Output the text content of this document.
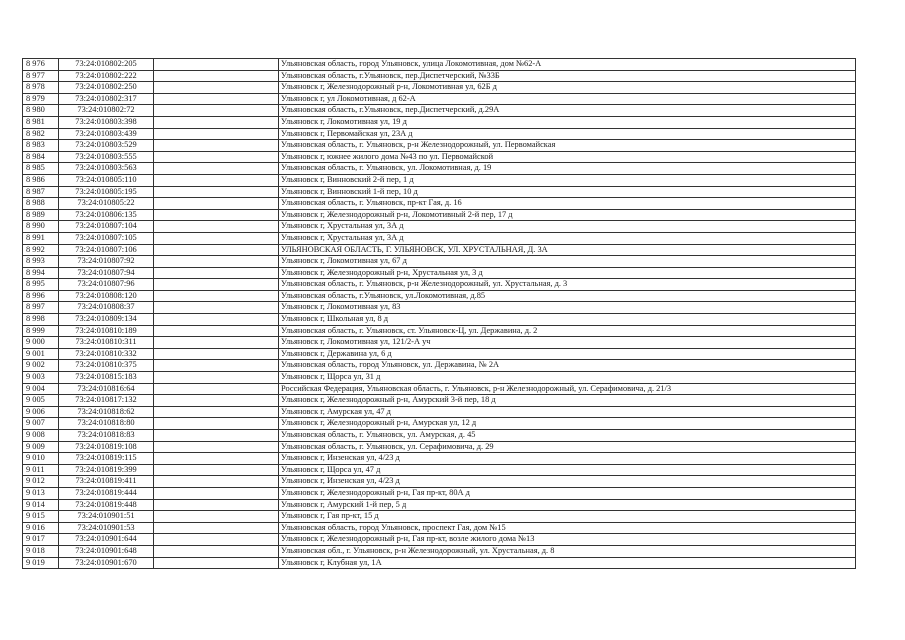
8 976	73:24:010802:205		Ульяновская область, город Ульяновск, улица Локомотивная, дом №62-А
8 977	73:24:010802:222		Ульяновская область, г.Ульяновск, пер.Диспетчерский, №33Б
8 978	73:24:010802:250		Ульяновск г, Железнодорожный р-н, Локомотивная ул, 62Б д
8 979	73:24:010802:317		Ульяновск г, ул Локомотивная, д 62-А
8 980	73:24:010802:72		Ульяновская область, г.Ульяновск, пер.Диспетчерский, д.29А
8 981	73:24:010803:398		Ульяновск г, Локомотивная ул, 19 д
8 982	73:24:010803:439		Ульяновск г, Первомайская ул, 23А д
8 983	73:24:010803:529		Ульяновская область, г. Ульяновск, р-н Железнодорожный, ул. Первомайская
8 984	73:24:010803:555		Ульяновск г, южнее жилого дома №43 по ул. Первомайской
8 985	73:24:010803:563		Ульяновская область, г. Ульяновск, ул. Локомотивная, д. 19
8 986	73:24:010805:110		Ульяновск г, Винновский 2-й пер, 1 д
8 987	73:24:010805:195		Ульяновск г, Винновский 1-й пер, 10 д
8 988	73:24:010805:22		Ульяновская область, г. Ульяновск, пр-кт Гая, д. 16
8 989	73:24:010806:135		Ульяновск г, Железнодорожный р-н, Локомотивный 2-й пер, 17 д
8 990	73:24:010807:104		Ульяновск г, Хрустальная ул, 3А д
8 991	73:24:010807:105		Ульяновск г, Хрустальная ул, 3А д
8 992	73:24:010807:106		УЛЬЯНОВСКАЯ ОБЛАСТЬ, Г. УЛЬЯНОВСК, УЛ. ХРУСТАЛЬНАЯ, Д. 3А
8 993	73:24:010807:92		Ульяновск г, Локомотивная ул, 67 д
8 994	73:24:010807:94		Ульяновск г, Железнодорожный р-н, Хрустальная ул, 3 д
8 995	73:24:010807:96		Ульяновская область, г. Ульяновск, р-н Железнодорожный, ул. Хрустальная, д. 3
8 996	73:24:010808:120		Ульяновская область, г.Ульяновск, ул.Локомотивная, д.85
8 997	73:24:010808:37		Ульяновск г, Локомотивная ул, 83
8 998	73:24:010809:134		Ульяновск г, Школьная ул, 8 д
8 999	73:24:010810:189		Ульяновская область, г. Ульяновск, ст. Ульяновск-Ц, ул. Державина, д. 2
9 000	73:24:010810:311		Ульяновск г, Локомотивная ул, 121/2-А уч
9 001	73:24:010810:332		Ульяновск г, Державина ул, 6 д
9 002	73:24:010810:375		Ульяновская область, город Ульяновск, ул. Державина, № 2А
9 003	73:24:010815:183		Ульяновск г, Щорса ул, 31 д
9 004	73:24:010816:64		Российская Федерация, Ульяновская область, г. Ульяновск, р-н Железнодорожный, ул. Серафимовича, д. 21/3
9 005	73:24:010817:132		Ульяновск г, Железнодорожный р-н, Амурский 3-й пер, 18 д
9 006	73:24:010818:62		Ульяновск г, Амурская ул, 47 д
9 007	73:24:010818:80		Ульяновск г, Железнодорожный р-н, Амурская ул, 12 д
9 008	73:24:010818:83		Ульяновская область, г. Ульяновск, ул. Амурская, д. 45
9 009	73:24:010819:108		Ульяновская область, г. Ульяновск, ул. Серафимовича, д. 29
9 010	73:24:010819:115		Ульяновск г, Инзенская ул, 4/23 д
9 011	73:24:010819:399		Ульяновск г, Щорса ул, 47 д
9 012	73:24:010819:411		Ульяновск г, Инзенская ул, 4/23 д
9 013	73:24:010819:444		Ульяновск г, Железнодорожный р-н, Гая пр-кт, 80А д
9 014	73:24:010819:448		Ульяновск г, Амурский 1-й пер, 5 д
9 015	73:24:010901:51		Ульяновск г, Гая пр-кт, 15 д
9 016	73:24:010901:53		Ульяновская область, город Ульяновск, проспект Гая, дом №15
9 017	73:24:010901:644		Ульяновск г, Железнодорожный р-н, Гая пр-кт, возле жилого дома №13
9 018	73:24:010901:648		Ульяновская обл., г. Ульяновск, р-н Железнодорожный, ул. Хрустальная, д. 8
9 019	73:24:010901:670		Ульяновск г, Клубная ул, 1А
